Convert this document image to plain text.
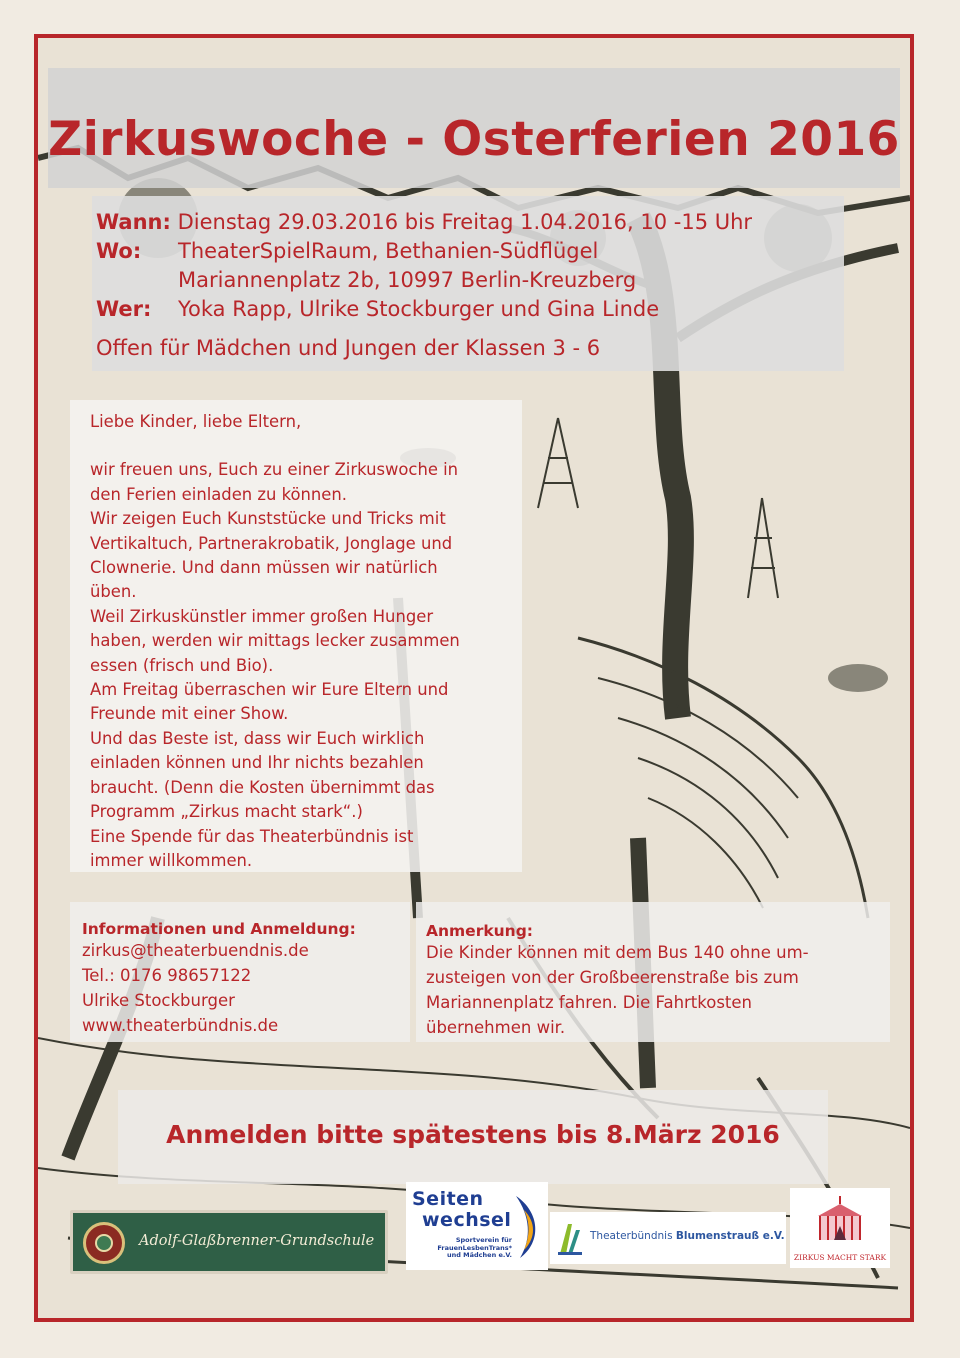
Zirkuswoche - Osterferien 2016
Wann: Dienstag 29.03.2016 bis Freitag 1.04.2016, 10 -15 Uhr
Wo: TheaterSpielRaum, Bethanien-Südflügel
Mariannenplatz 2b, 10997 Berlin-Kreuzberg
Wer: Yoka Rapp, Ulrike Stockburger und Gina Linde
Offen für Mädchen und Jungen der Klassen 3 - 6

Liebe Kinder, liebe Eltern,

wir freuen uns, Euch zu einer Zirkuswoche in

den Ferien einladen zu können.

Wir zeigen Euch Kunststücke und Tricks mit

Vertikaltuch, Partnerakrobatik, Jonglage und

Clownerie. Und dann müssen wir natürlich

üben.

Weil Zirkuskünstler immer großen Hunger

haben, werden wir mittags lecker zusammen

essen (frisch und Bio).

Am Freitag überraschen wir Eure Eltern und

Freunde mit einer Show.

Und das Beste ist, dass wir Euch wirklich

einladen können und Ihr nichts bezahlen

braucht. (Denn die Kosten übernimmt das

Programm „Zirkus macht stark“.)

Eine Spende für das Theaterbündnis ist

immer willkommen.

Informationen und Anmeldung:

zirkus@theaterbuendnis.de

Tel.: 0176 98657122

Ulrike Stockburger

www.theaterbündnis.de

Anmerkung:

Die Kinder können mit dem Bus 140 ohne um-

zusteigen von der Großbeerenstraße bis zum

Mariannenplatz fahren. Die Fahrtkosten

übernehmen wir.

Anmelden bitte spätestens bis 8.März 2016
Adolf-Glaßbrenner-Grundschule
Seiten
wechsel
Sportverein für FrauenLesbenTrans* und Mädchen e.V.
Theaterbündnis Blumenstrauß e.V.
ZIRKUS MACHT STARK
